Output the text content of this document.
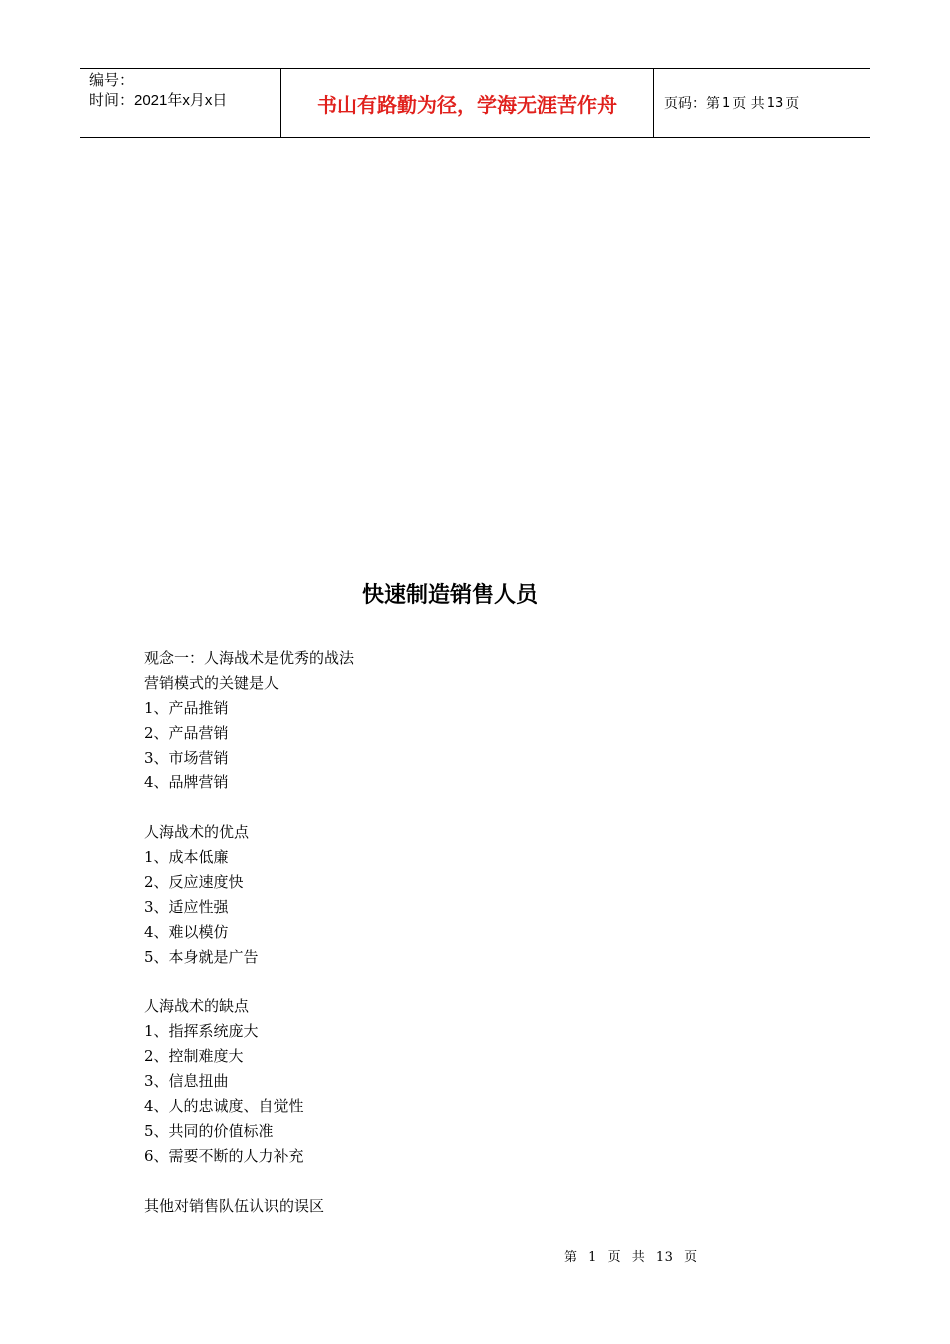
编号：
时间：2021年x月x日	书山有路勤为径，学海无涯苦作舟	页码：第 1 页 共 13 页
快速制造销售人员
观念一：人海战术是优秀的战法
营销模式的关键是人
1、产品推销
2、产品营销
3、市场营销
4、品牌营销
人海战术的优点
1、成本低廉
2、反应速度快
3、适应性强
4、难以模仿
5、本身就是广告
人海战术的缺点
1、指挥系统庞大
2、控制难度大
3、信息扭曲
4、人的忠诚度、自觉性
5、共同的价值标准
6、需要不断的人力补充
其他对销售队伍认识的误区
第 1 页 共 13 页
